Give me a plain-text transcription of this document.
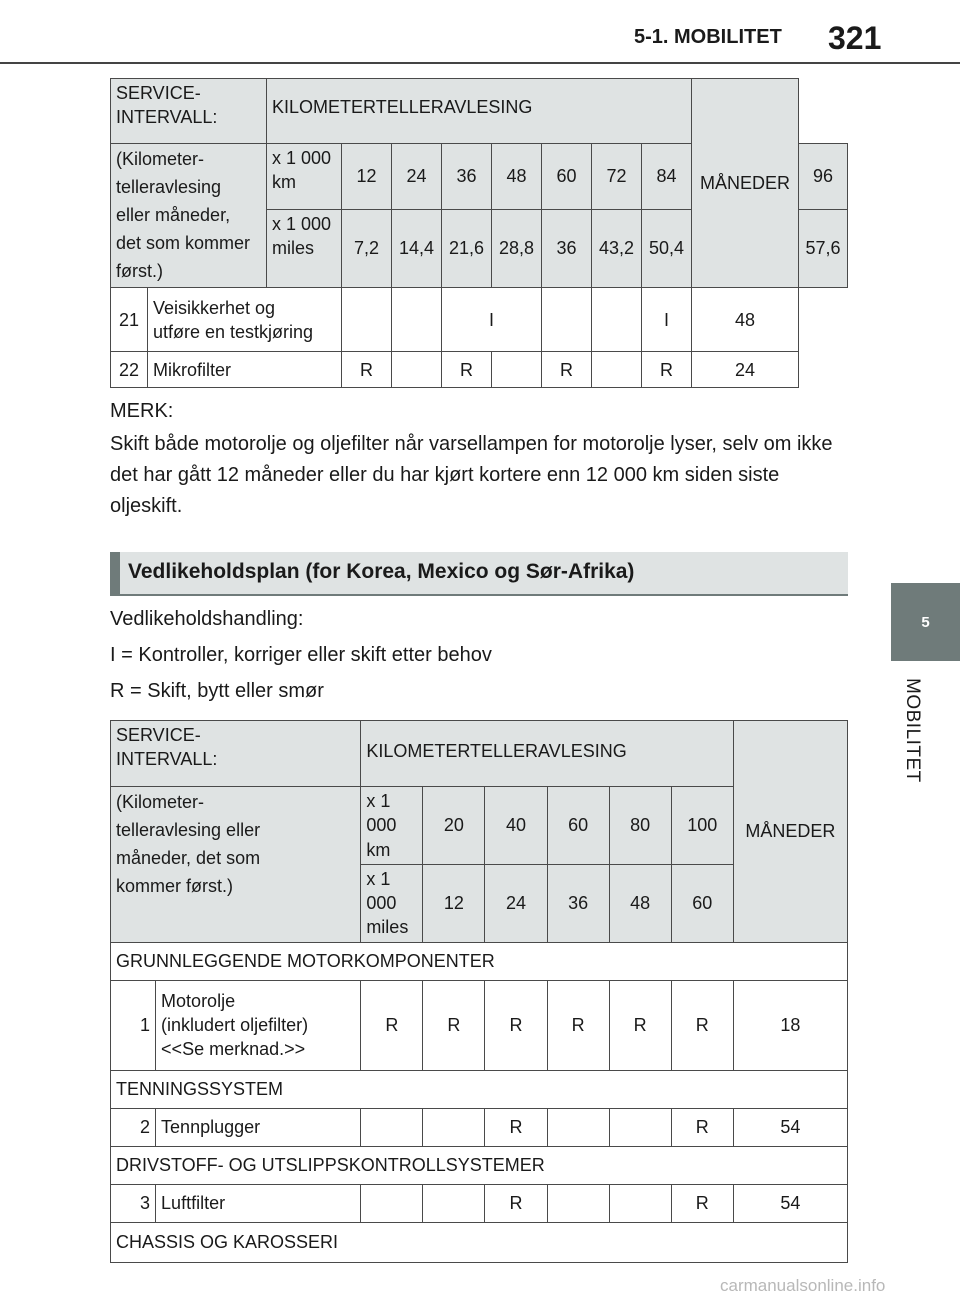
5-1. MOBILITET 321
5
MOBILITET
SERVICE-
INTERVALL:		KILOMETERTELLERAVLESING								MÅNEDER	
(Kilometer-
telleravlesing
eller måneder,
det som kommer
først.)		x 1 000
km	12	24	36	48	60	72	84		96
		x 1 000
miles	7,2	14,4	21,6	28,8	36	43,2	50,4		57,6
21	Veisikkerhet og
utføre en testkjøring				I				I	48	
22	Mikrofilter		R		R		R		R	24	
MERK:
Skift både motorolje og oljefilter når varsellampen for motorolje lyser, selv om ikke det har gått 12 måneder eller du har kjørt kortere enn 12 000 km siden siste oljeskift.
Vedlikeholdsplan (for Korea, Mexico og Sør-Afrika)
Vedlikeholdshandling:
I = Kontroller, korriger eller skift etter behov
R = Skift, bytt eller smør
SERVICE-
INTERVALL:		KILOMETERTELLERAVLESING						MÅNEDER
(Kilometer-
telleravlesing eller
måneder, det som
kommer først.)		x 1 000
km	20	40	60	80	100	
		x 1 000
miles	12	24	36	48	60	
GRUNNLEGGENDE MOTORKOMPONENTER								
1	Motorolje
(inkludert oljefilter)
<<Se merknad.>>	R	R	R	R	R	R	18
TENNINGSSYSTEM								
2	Tennplugger			R			R	54
DRIVSTOFF- OG UTSLIPPSKONTROLLSYSTEMER								
3	Luftfilter			R			R	54
CHASSIS OG KAROSSERI								
carmanualsonline.info
